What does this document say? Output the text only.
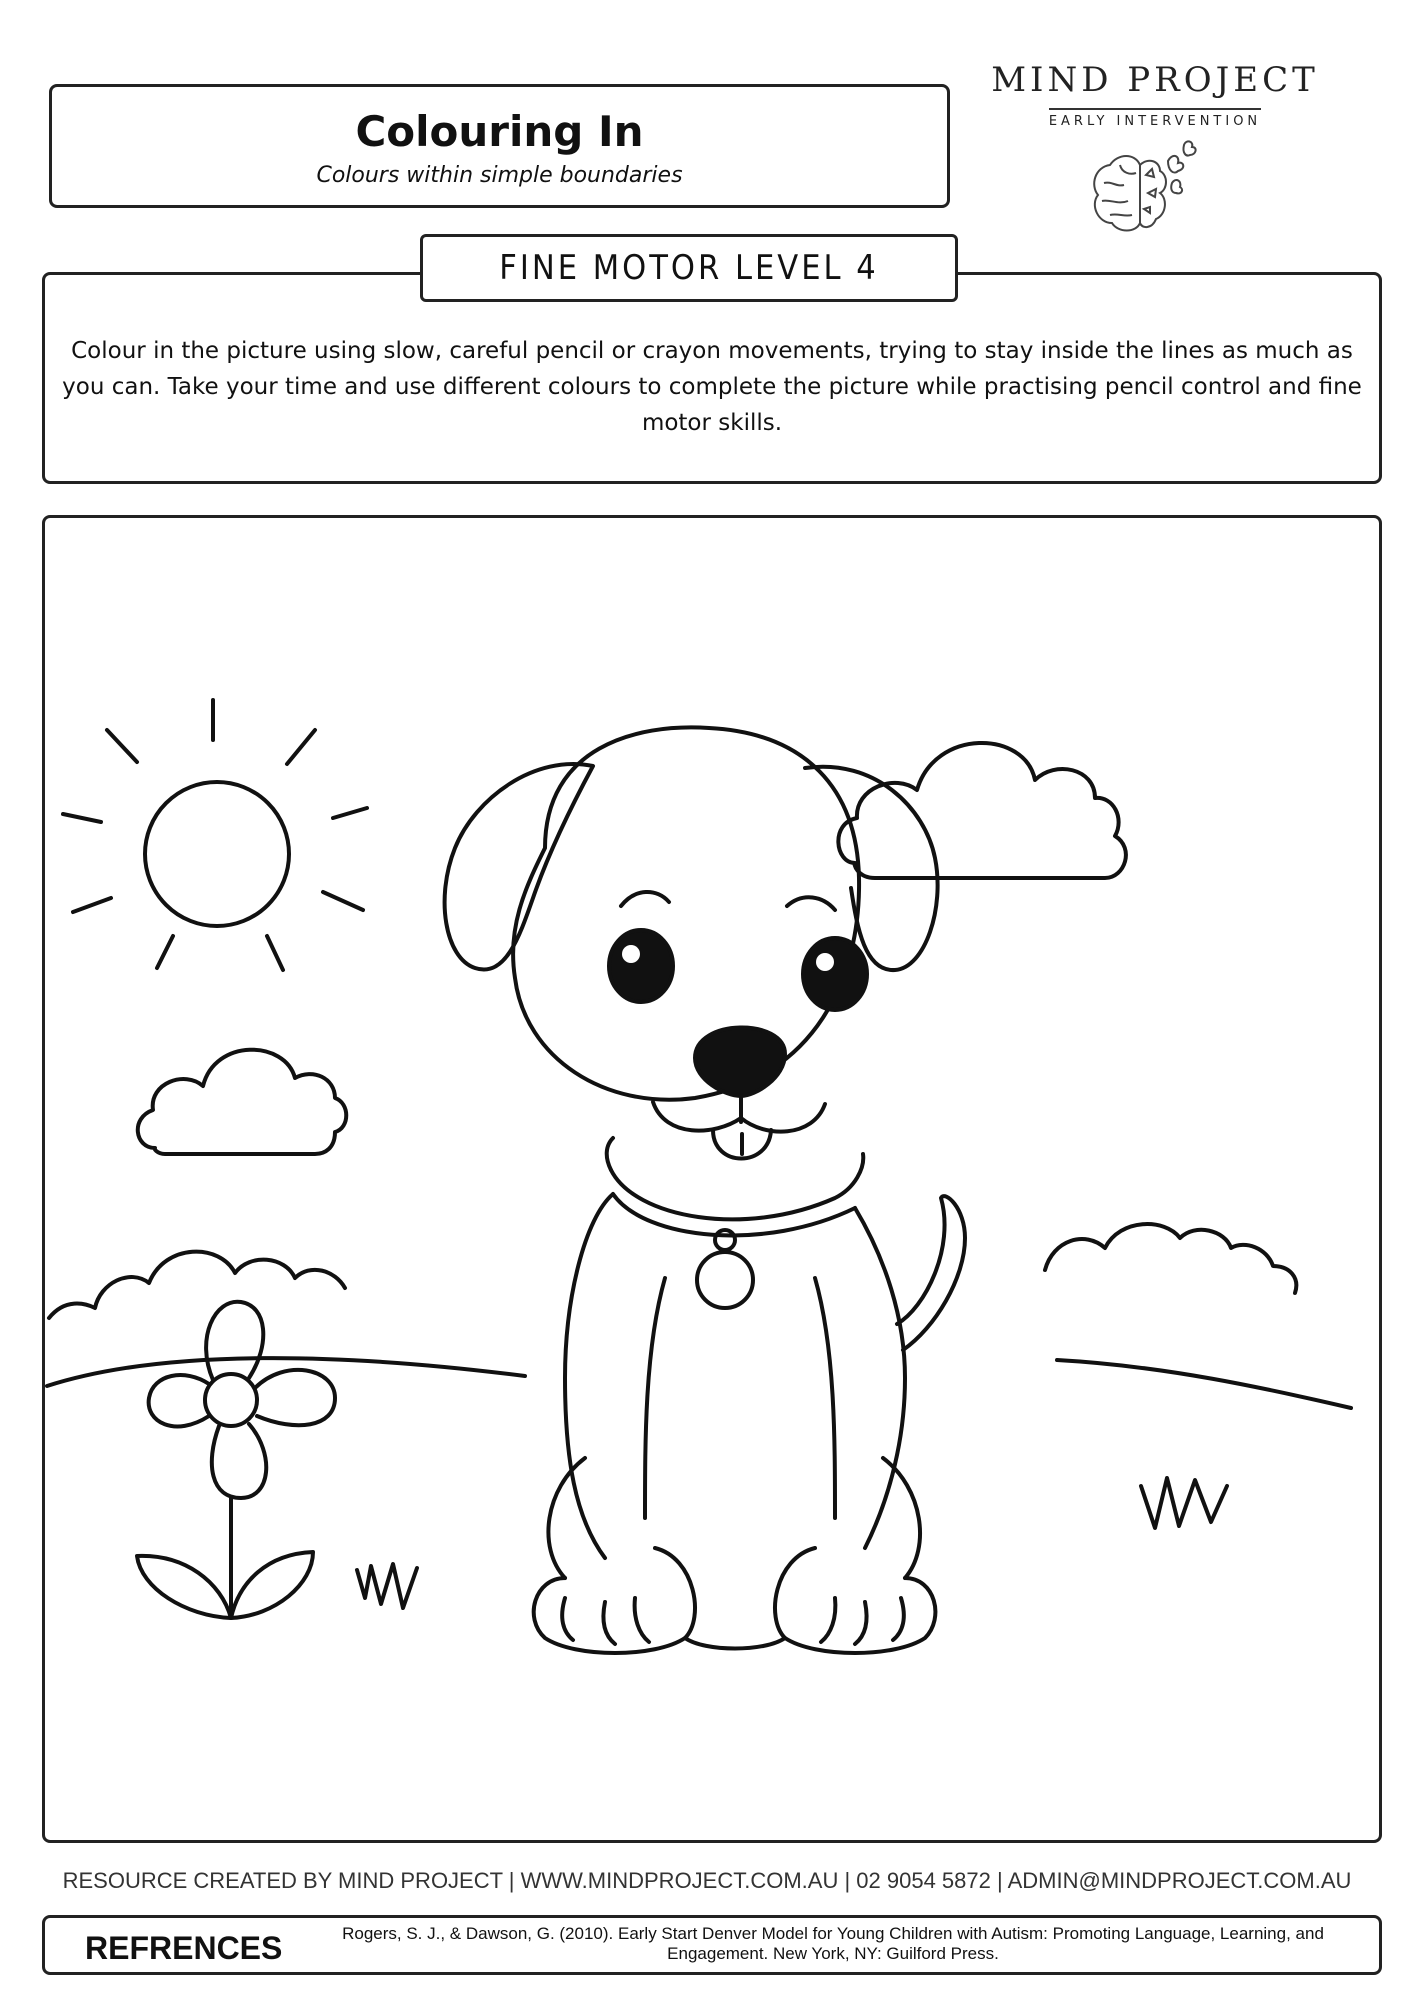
Colouring In
Colours within simple boundaries
MIND PROJECT
EARLY INTERVENTION

Colour in the picture using slow, careful pencil or crayon movements, trying to stay inside the lines as much as you can. Take your time and use different colours to complete the picture while practising pencil control and fine motor skills.

FINE MOTOR LEVEL 4
RESOURCE CREATED BY MIND PROJECT | WWW.MINDPROJECT.COM.AU | 02 9054 5872 | ADMIN@MINDPROJECT.COM.AU
REFRENCES	Rogers, S. J., & Dawson, G. (2010). Early Start Denver Model for Young Children with Autism: Promoting Language, Learning, and Engagement. New York, NY: Guilford Press.
